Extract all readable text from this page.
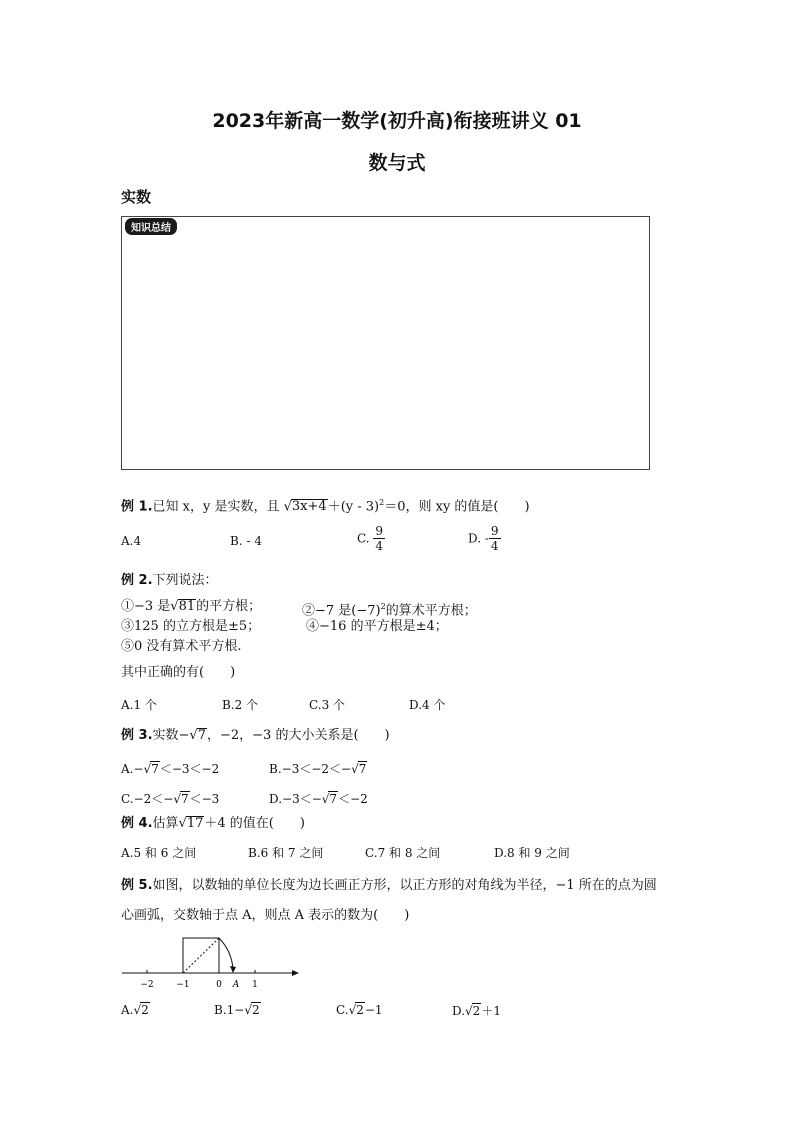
2023年新高一数学(初升高)衔接班讲义 01
数与式
实数
知识总结
例 1.已知 x，y 是实数，且 √3x+4＋(y - 3)$^2$＝0，则 xy 的值是(　　)
A.4	B. - 4	C. $\frac{9}{4}$	D. - $\frac{9}{4}$
例 2.下列说法：
①−3 是√81的平方根；	②−7 是$(-7)^2$的算术平方根；
③125 的立方根是±5；	④−16 的平方根是±4；
⑤0 没有算术平方根.
其中正确的有(　　)
A.1 个	B.2 个	C.3 个	D.4 个
例 3.实数−√7，−2，−3 的大小关系是(　　)
A.−√7＜−3＜−2	B.−3＜−2＜−√7
C.−2＜−√7＜−3	D.−3＜−√7＜−2
例 4.估算√17＋4 的值在(　　)
A.5 和 6 之间	B.6 和 7 之间	C.7 和 8 之间	D.8 和 9 之间
例 5.如图，以数轴的单位长度为边长画正方形，以正方形的对角线为半径，−1 所在的点为圆
心画弧，交数轴于点 A，则点 A 表示的数为(　　)
−2	−1	0 A 1
A.√2	B.1−√2	C.√2−1	D.√2＋1
